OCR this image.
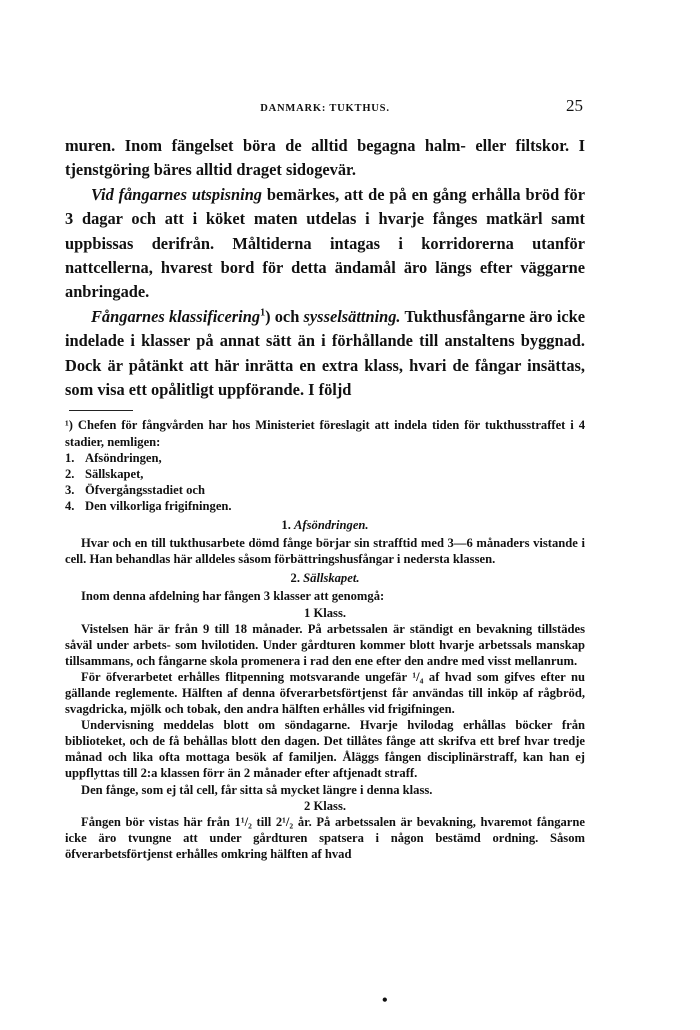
DANMARK: TUKTHUS.	25

muren. Inom fängelset böra de alltid begagna halm- eller filtskor. I tjenstgöring bäres alltid draget sidogevär.

Vid fångarnes utspisning bemärkes, att de på en gång erhålla bröd för 3 dagar och att i köket maten utdelas i hvarje fånges matkärl samt uppbissas derifrån. Måltiderna intagas i korridorerna utanför nattcellerna, hvarest bord för detta ändamål äro längs efter väggarne anbringade.

Fångarnes klassificering$^1$) och sysselsättning. Tukthusfångarne äro icke indelade i klasser på annat sätt än i förhållande till anstaltens byggnad. Dock är påtänkt att här inrätta en extra klass, hvari de fångar insättas, som visa ett opålitligt uppförande. I följd

¹) Chefen för fångvården har hos Ministeriet föreslagit att indela tiden för tukthusstraffet i 4 stadier, nemligen:

1. Afsöndringen,
2. Sällskapet,
3. Öfvergångsstadiet och
4. Den vilkorliga frigifningen.

1. Afsöndringen.

Hvar och en till tukthusarbete dömd fånge börjar sin strafftid med 3—6 månaders vistande i cell. Han behandlas här alldeles såsom förbättringshusfångar i nedersta klassen.

2. Sällskapet.

Inom denna afdelning har fången 3 klasser att genomgå:

1 Klass.

Vistelsen här är från 9 till 18 månader. På arbetssalen är ständigt en bevakning tillstädes såväl under arbets- som hvilotiden. Under gårdturen kommer blott hvarje arbetssals manskap tillsammans, och fångarne skola promenera i rad den ene efter den andre med visst mellanrum.

För öfverarbetet erhålles flitpenning motsvarande ungefär ¹/₄ af hvad som gifves efter nu gällande reglemente. Hälften af denna öfverarbetsförtjenst får användas till inköp af rågbröd, svagdricka, mjölk och tobak, den andra hälften erhålles vid frigifningen.

Undervisning meddelas blott om söndagarne. Hvarje hvilodag erhållas böcker från biblioteket, och de få behållas blott den dagen. Det tillåtes fånge att skrifva ett bref hvar tredje månad och lika ofta mottaga besök af familjen. Åläggs fången disciplinärstraff, kan han ej uppflyttas till 2:a klassen förr än 2 månader efter aftjenadt straff.

Den fånge, som ej tål cell, får sitta så mycket längre i denna klass.

2 Klass.

Fången bör vistas här från 1¹/₂ till 2¹/₂ år. På arbetssalen är bevakning, hvaremot fångarne icke äro tvungne att under gårdturen spatsera i någon bestämd ordning. Såsom öfverarbetsförtjenst erhålles omkring hälften af hvad

•
